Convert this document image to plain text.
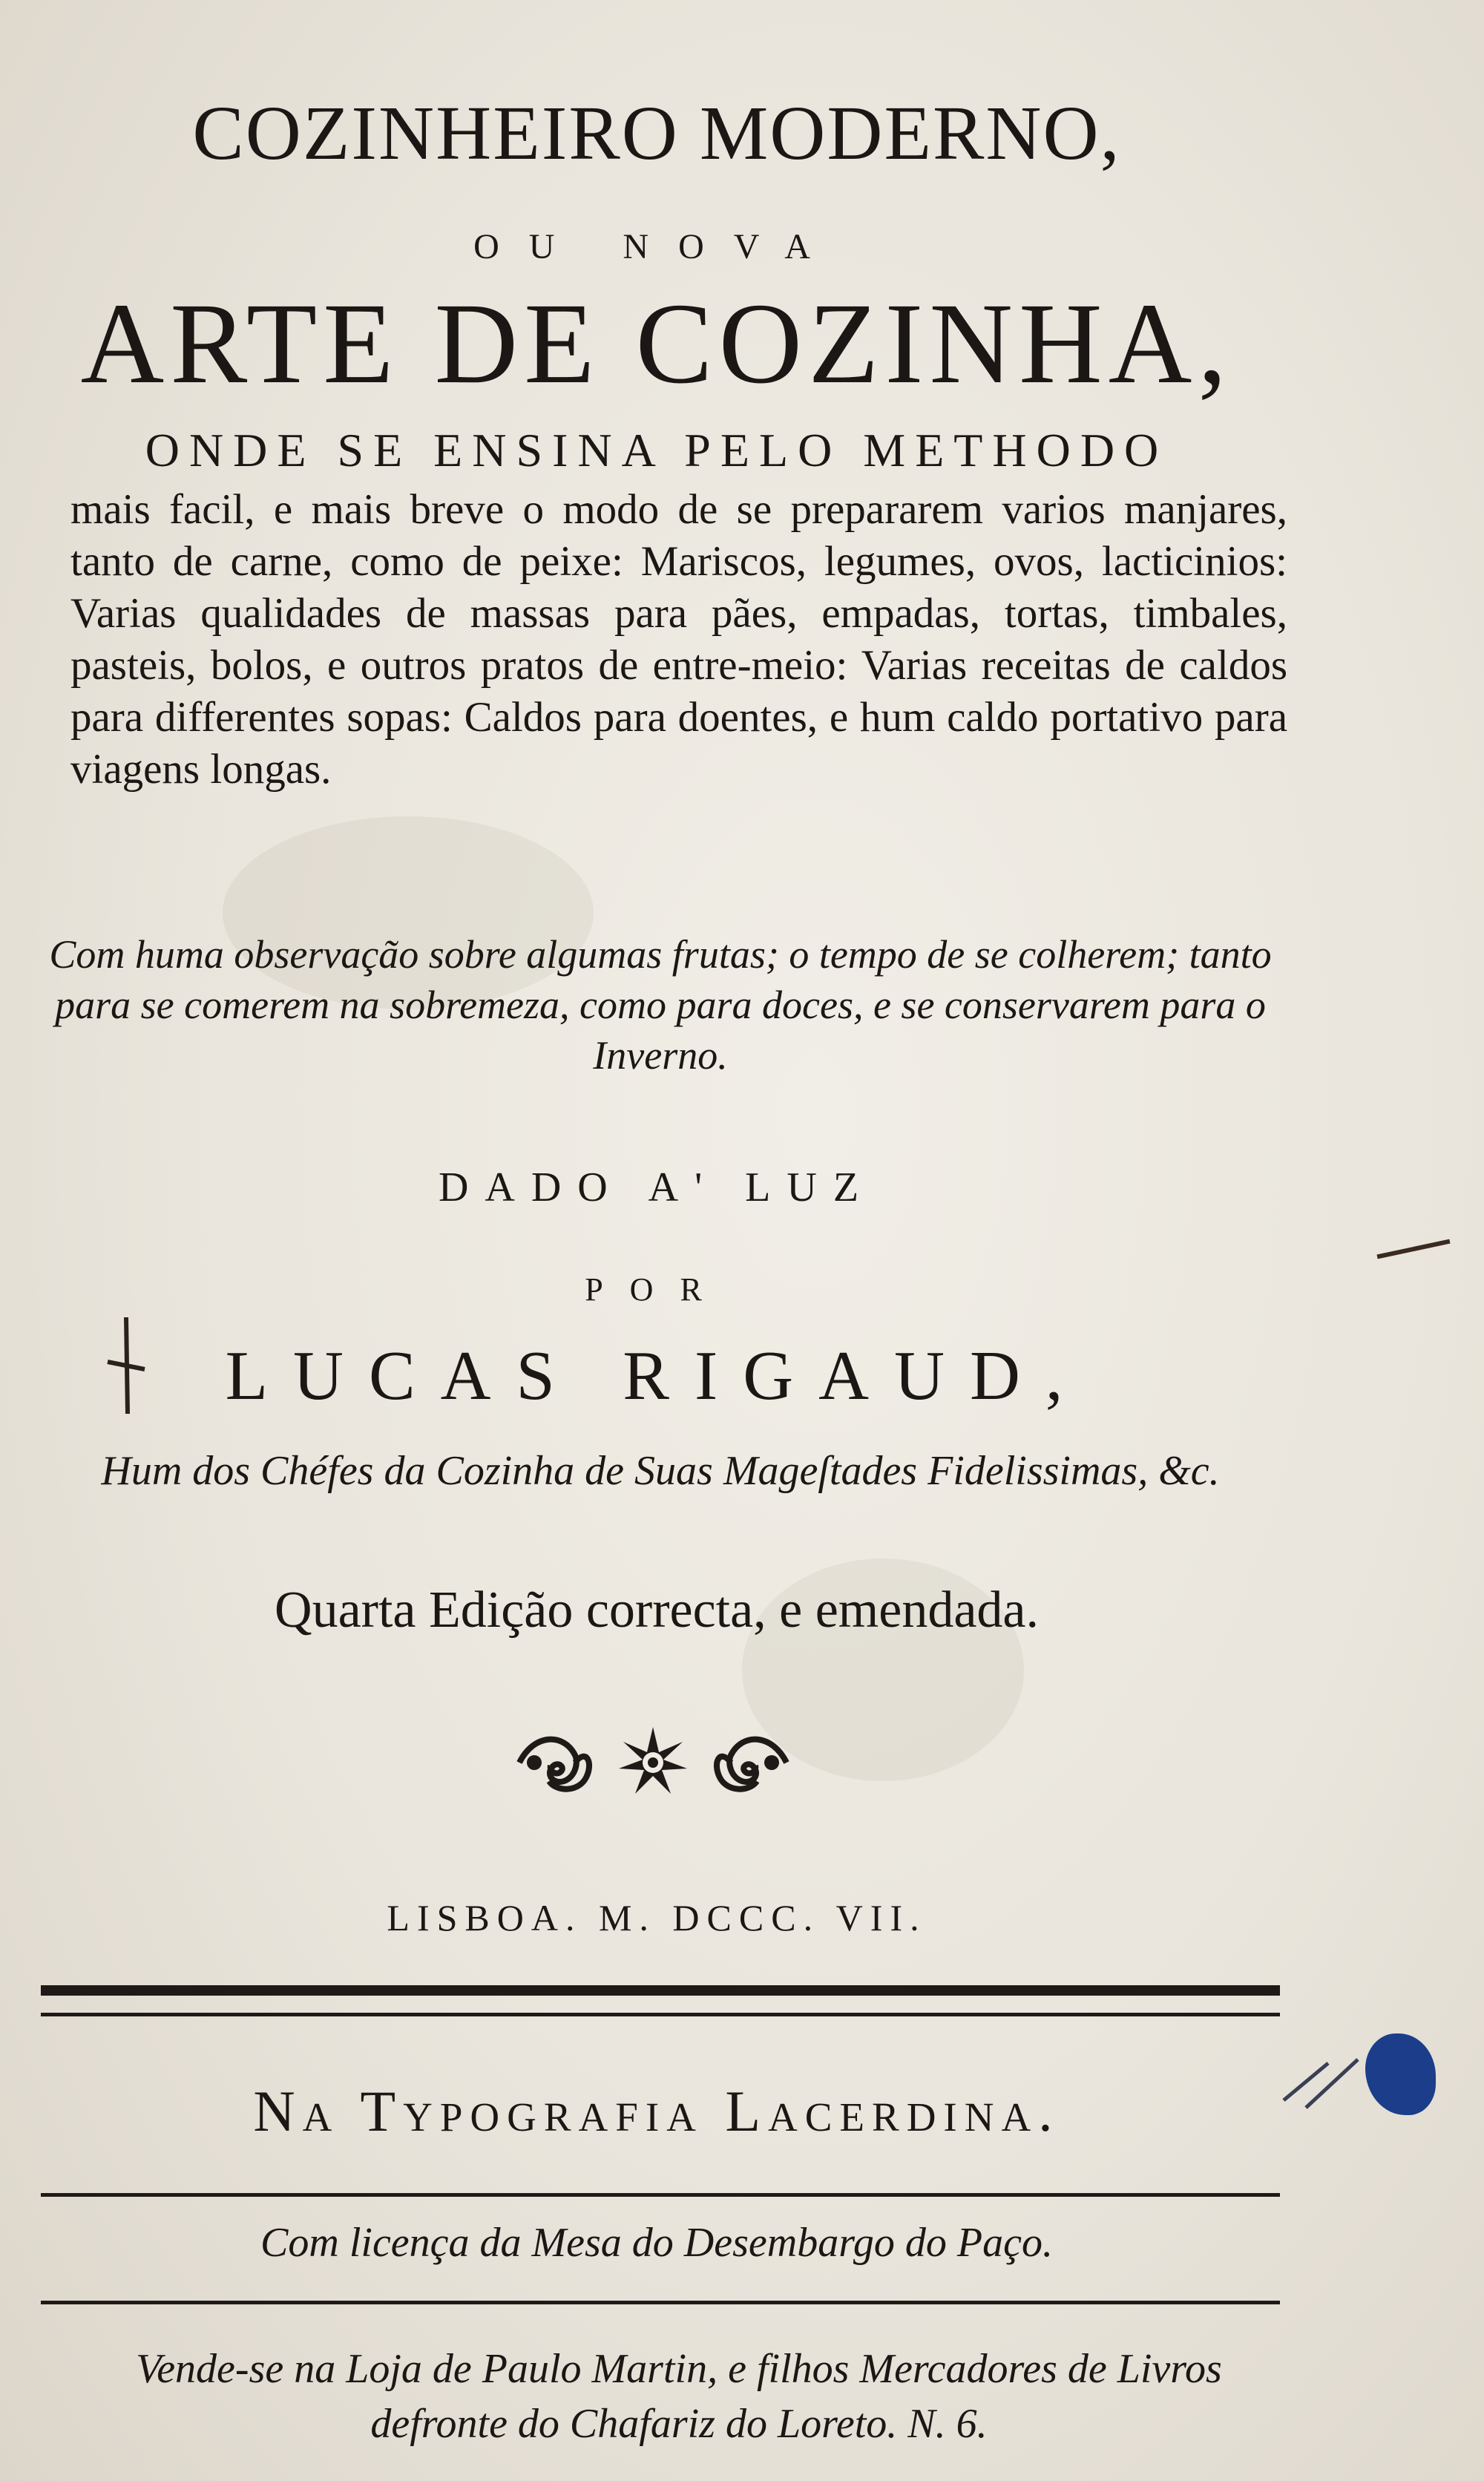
COZINHEIRO MODERNO,
OU NOVA
ARTE DE COZINHA,
ONDE SE ENSINA PELO METHODO
mais facil, e mais breve o modo de se prepararem varios manjares, tanto de carne, como de peixe: Mariscos, legumes, ovos, lacticinios: Varias qualidades de massas para pães, empadas, tortas, timbales, pasteis, bolos, e outros pratos de entre-meio: Varias receitas de caldos para differentes sopas: Caldos para doentes, e hum caldo portativo para viagens longas.
Com huma observação sobre algumas frutas; o tempo de se colherem; tanto para se comerem na sobremeza, como para doces, e se conservarem para o Inverno.
DADO A' LUZ
POR
LUCAS RIGAUD,
Hum dos Chéfes da Cozinha de Suas Mageſtades Fidelissimas, &c.
Quarta Edição correcta, e emendada.
LISBOA. M. DCCC. VII.
Na Typografia Lacerdina.
Com licença da Mesa do Desembargo do Paço.
Vende-se na Loja de Paulo Martin, e filhos Mercadores de Livros defronte do Chafariz do Loreto. N. 6.
